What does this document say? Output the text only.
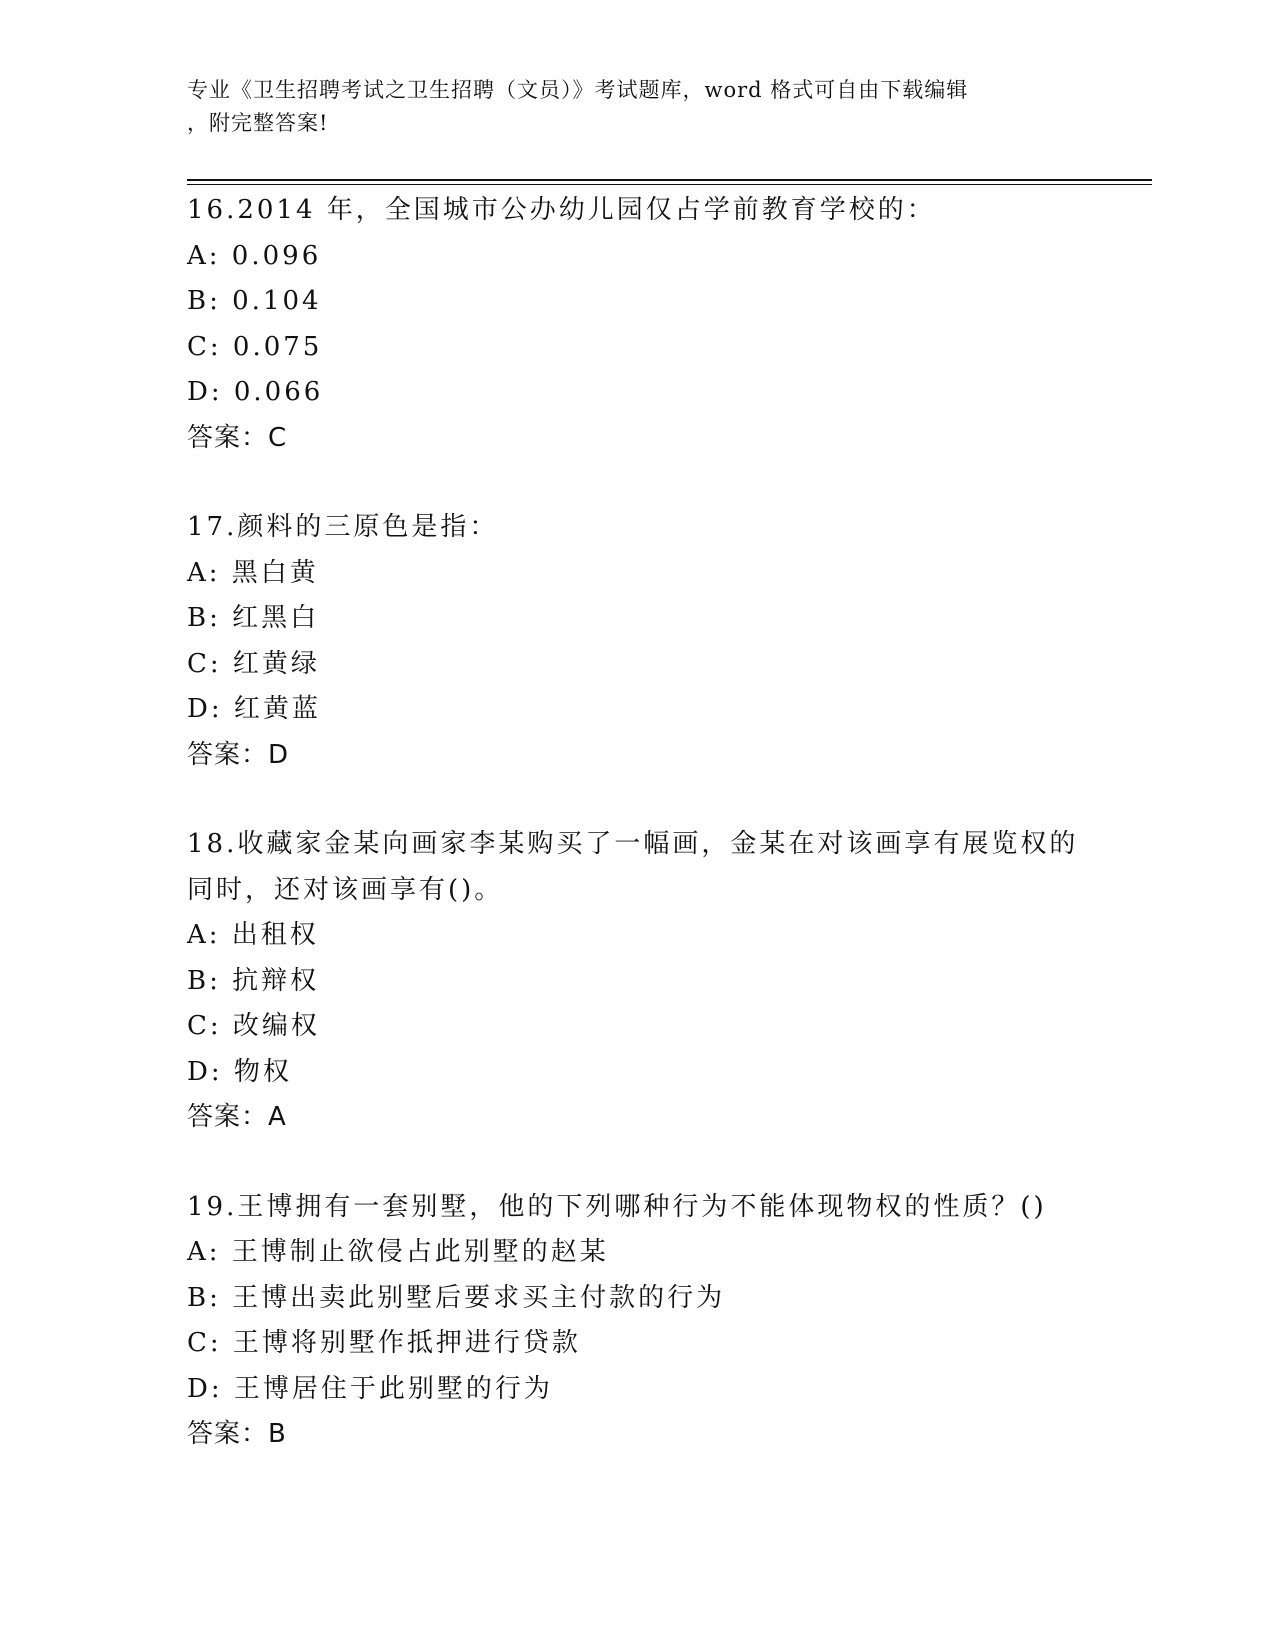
专业《卫生招聘考试之卫生招聘（文员）》考试题库，word 格式可自由下载编辑
，附完整答案!

16.2014 年，全国城市公办幼儿园仅占学前教育学校的：

A: 0.096

B: 0.104

C: 0.075

D: 0.066

答案：C

17.颜料的三原色是指：

A: 黑白黄

B: 红黑白

C: 红黄绿

D: 红黄蓝

答案：D

18.收藏家金某向画家李某购买了一幅画，金某在对该画享有展览权的

同时，还对该画享有()。

A: 出租权

B: 抗辩权

C: 改编权

D: 物权

答案：A

19.王博拥有一套别墅，他的下列哪种行为不能体现物权的性质？()

A: 王博制止欲侵占此别墅的赵某

B: 王博出卖此别墅后要求买主付款的行为

C: 王博将别墅作抵押进行贷款

D: 王博居住于此别墅的行为

答案：B
